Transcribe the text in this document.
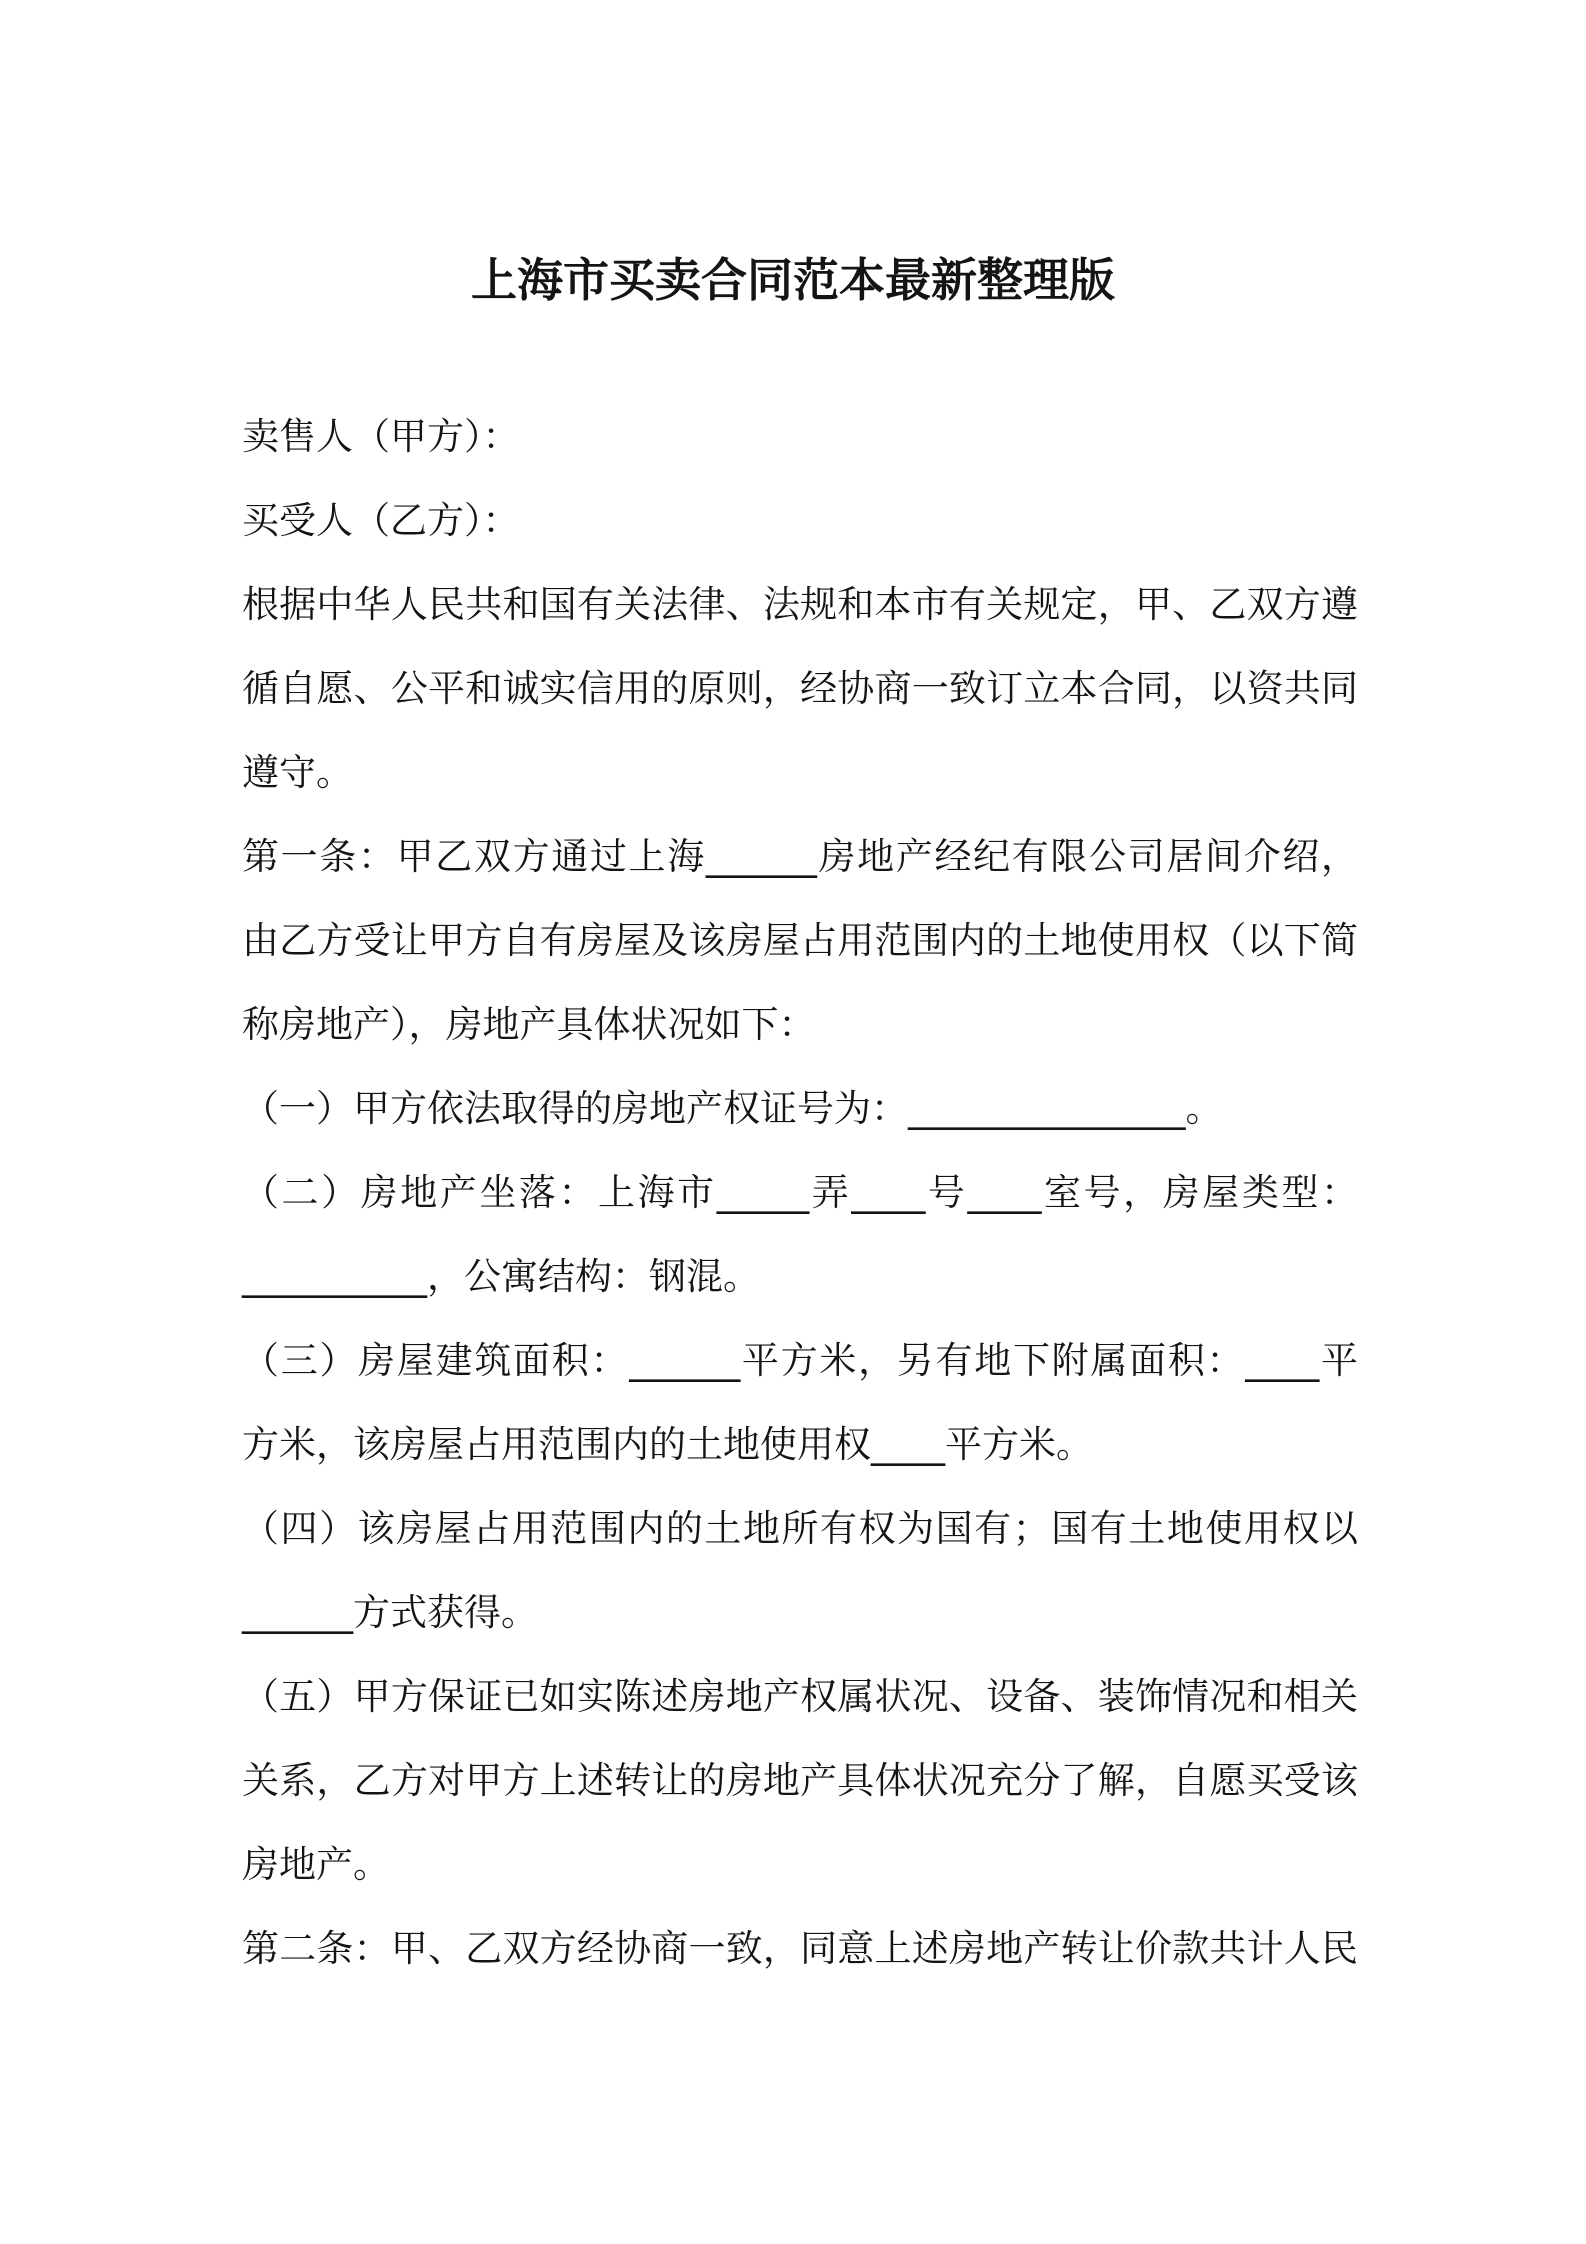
上海市买卖合同范本最新整理版
卖售人（甲方）：
买受人（乙方）：
根据中华人民共和国有关法律、法规和本市有关规定，甲、乙双方遵
循自愿、公平和诚实信用的原则，经协商一致订立本合同，以资共同
遵守。
第一条：甲乙双方通过上海______房地产经纪有限公司居间介绍，
由乙方受让甲方自有房屋及该房屋占用范围内的土地使用权（以下简
称房地产），房地产具体状况如下：
（一）甲方依法取得的房地产权证号为：_______________。
（二）房地产坐落：上海市_____弄____号____室号，房屋类型：
__________，公寓结构：钢混。
（三）房屋建筑面积：______平方米，另有地下附属面积：____平
方米，该房屋占用范围内的土地使用权____平方米。
（四）该房屋占用范围内的土地所有权为国有；国有土地使用权以
______方式获得。
（五）甲方保证已如实陈述房地产权属状况、设备、装饰情况和相关
关系，乙方对甲方上述转让的房地产具体状况充分了解，自愿买受该
房地产。
第二条：甲、乙双方经协商一致，同意上述房地产转让价款共计人民
